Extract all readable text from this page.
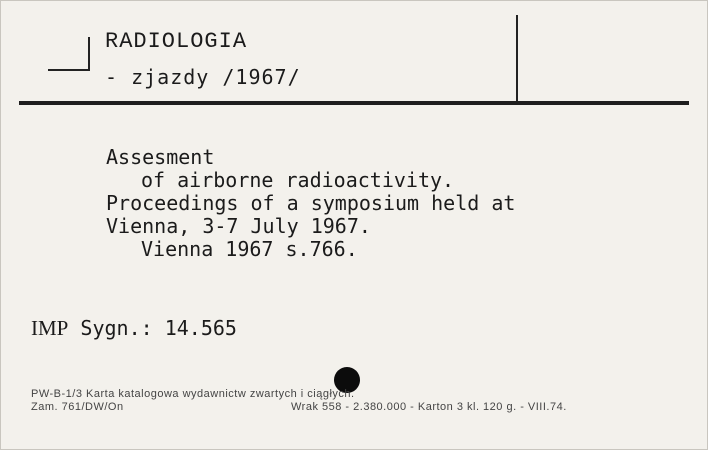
RADIOLOGIA
- zjazdy /1967/
Assesment
of airborne radioactivity.
Proceedings of a symposium held at
Vienna, 3-7 July 1967.
Vienna 1967 s.766.
IMP Sygn.: 14.565
PW-B-1/3 Karta katalogowa wydawnictw zwartych i ciągłych.
Zam. 761/DW/On	Wrak 558 - 2.380.000 - Karton 3 kl. 120 g. - VIII.74.
